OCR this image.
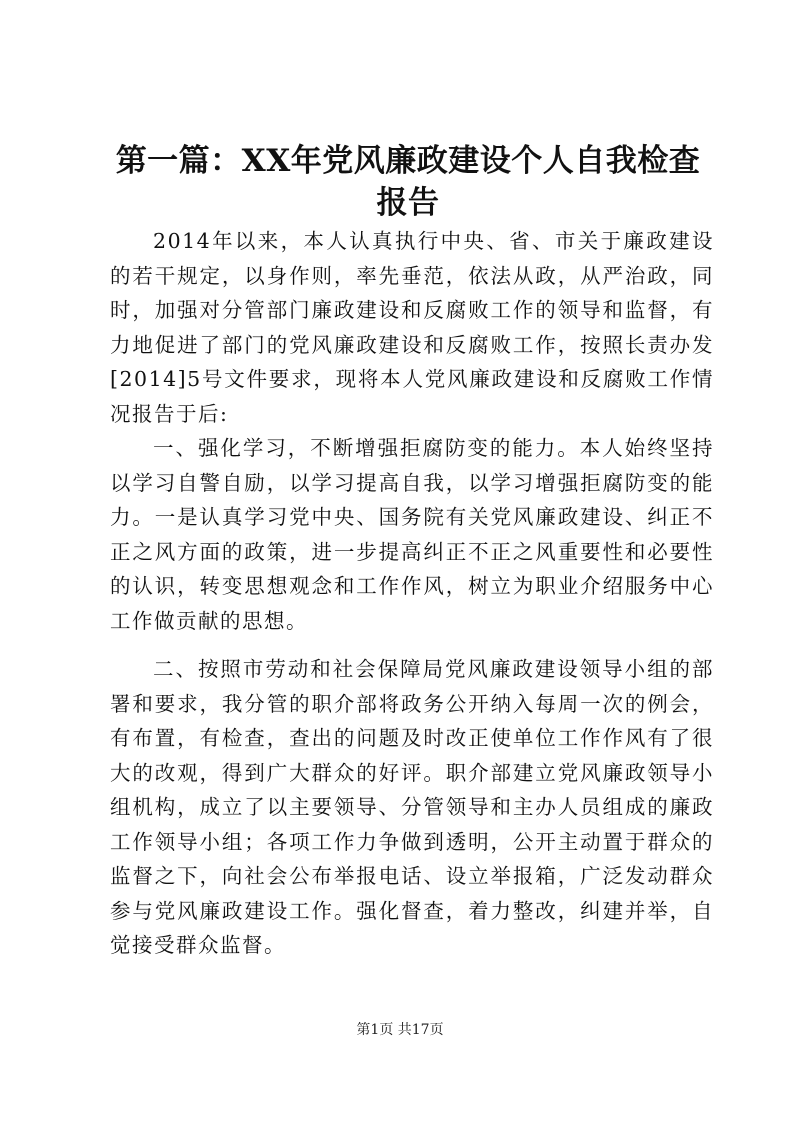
第一篇：XX年党风廉政建设个人自我检查报告

2014年以来，本人认真执行中央、省、市关于廉政建设的若干规定，以身作则，率先垂范，依法从政，从严治政，同时，加强对分管部门廉政建设和反腐败工作的领导和监督，有力地促进了部门的党风廉政建设和反腐败工作，按照长责办发[2014]5号文件要求，现将本人党风廉政建设和反腐败工作情况报告于后:

一、强化学习，不断增强拒腐防变的能力。本人始终坚持以学习自警自励，以学习提高自我，以学习增强拒腐防变的能力。一是认真学习党中央、国务院有关党风廉政建设、纠正不正之风方面的政策，进一步提高纠正不正之风重要性和必要性的认识，转变思想观念和工作作风，树立为职业介绍服务中心工作做贡献的思想。

二、按照市劳动和社会保障局党风廉政建设领导小组的部署和要求，我分管的职介部将政务公开纳入每周一次的例会，有布置，有检查，查出的问题及时改正使单位工作作风有了很大的改观，得到广大群众的好评。职介部建立党风廉政领导小组机构，成立了以主要领导、分管领导和主办人员组成的廉政工作领导小组；各项工作力争做到透明，公开主动置于群众的监督之下，向社会公布举报电话、设立举报箱，广泛发动群众参与党风廉政建设工作。强化督查，着力整改，纠建并举，自觉接受群众监督。

第1页 共17页
